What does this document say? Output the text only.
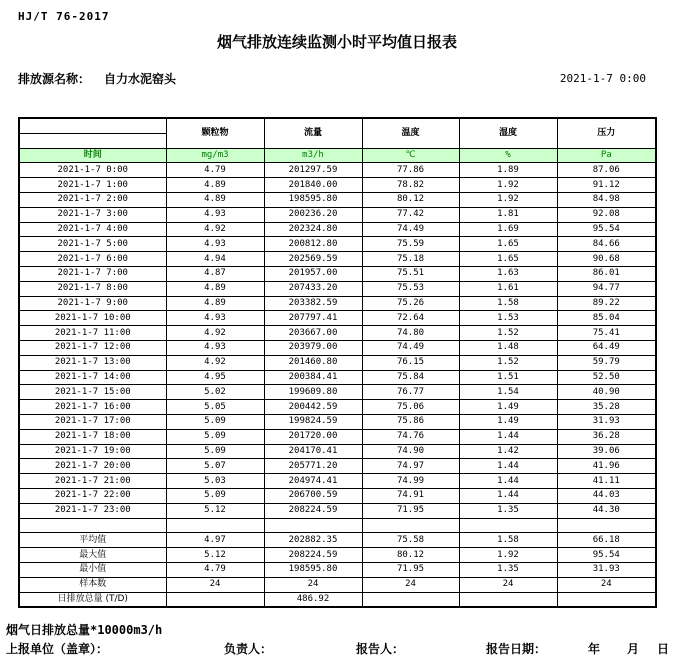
HJ/T 76-2017
烟气排放连续监测小时平均值日报表
排放源名称： 自力水泥窑头	2021-1-7 0:00
	颗粒物	流量	温度	湿度	压力

时间	mg/m3	m3/h	℃	%	Pa
2021-1-7 0:00	4.79	201297.59	77.86	1.89	87.06
2021-1-7 1:00	4.89	201840.00	78.82	1.92	91.12
2021-1-7 2:00	4.89	198595.80	80.12	1.92	84.98
2021-1-7 3:00	4.93	200236.20	77.42	1.81	92.08
2021-1-7 4:00	4.92	202324.80	74.49	1.69	95.54
2021-1-7 5:00	4.93	200812.80	75.59	1.65	84.66
2021-1-7 6:00	4.94	202569.59	75.18	1.65	90.68
2021-1-7 7:00	4.87	201957.00	75.51	1.63	86.01
2021-1-7 8:00	4.89	207433.20	75.53	1.61	94.77
2021-1-7 9:00	4.89	203382.59	75.26	1.58	89.22
2021-1-7 10:00	4.93	207797.41	72.64	1.53	85.04
2021-1-7 11:00	4.92	203667.00	74.80	1.52	75.41
2021-1-7 12:00	4.93	203979.00	74.49	1.48	64.49
2021-1-7 13:00	4.92	201460.80	76.15	1.52	59.79
2021-1-7 14:00	4.95	200384.41	75.84	1.51	52.50
2021-1-7 15:00	5.02	199609.80	76.77	1.54	40.90
2021-1-7 16:00	5.05	200442.59	75.06	1.49	35.28
2021-1-7 17:00	5.09	199824.59	75.86	1.49	31.93
2021-1-7 18:00	5.09	201720.00	74.76	1.44	36.28
2021-1-7 19:00	5.09	204170.41	74.90	1.42	39.06
2021-1-7 20:00	5.07	205771.20	74.97	1.44	41.96
2021-1-7 21:00	5.03	204974.41	74.99	1.44	41.11
2021-1-7 22:00	5.09	206700.59	74.91	1.44	44.03
2021-1-7 23:00	5.12	208224.59	71.95	1.35	44.30

平均值	4.97	202882.35	75.58	1.58	66.18
最大值	5.12	208224.59	80.12	1.92	95.54
最小值	4.79	198595.80	71.95	1.35	31.93
样本数	24	24	24	24	24
日排放总量 (T/D)		486.92			
烟气日排放总量*10000m3/h
上报单位（盖章）：	负责人：	报告人：	报告日期：	年 月 日
